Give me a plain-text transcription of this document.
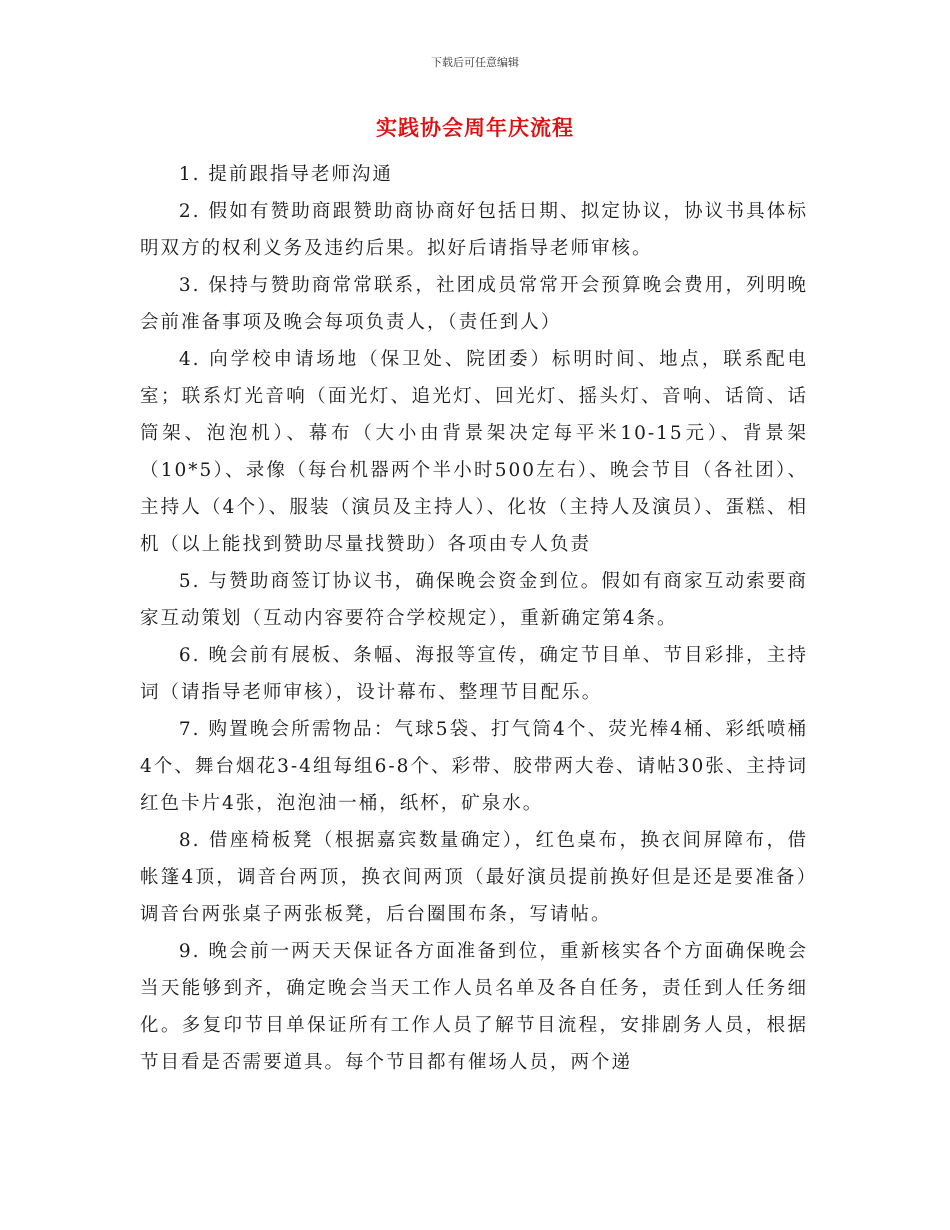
下载后可任意编辑
实践协会周年庆流程

1. 提前跟指导老师沟通

2. 假如有赞助商跟赞助商协商好包括日期、拟定协议，协议书具体标明双方的权利义务及违约后果。拟好后请指导老师审核。

3. 保持与赞助商常常联系，社团成员常常开会预算晚会费用，列明晚会前准备事项及晚会每项负责人，（责任到人）

4. 向学校申请场地（保卫处、院团委）标明时间、地点，联系配电室；联系灯光音响（面光灯、追光灯、回光灯、摇头灯、音响、话筒、话筒架、泡泡机）、幕布（大小由背景架决定每平米10-15元）、背景架（10*5）、录像（每台机器两个半小时500左右）、晚会节目（各社团）、主持人（4个）、服装（演员及主持人）、化妆（主持人及演员）、蛋糕、相机（以上能找到赞助尽量找赞助）各项由专人负责

5. 与赞助商签订协议书，确保晚会资金到位。假如有商家互动索要商家互动策划（互动内容要符合学校规定），重新确定第4条。

6. 晚会前有展板、条幅、海报等宣传，确定节目单、节目彩排，主持词（请指导老师审核），设计幕布、整理节目配乐。

7. 购置晚会所需物品：气球5袋、打气筒4个、荧光棒4桶、彩纸喷桶4个、舞台烟花3-4组每组6-8个、彩带、胶带两大卷、请帖30张、主持词红色卡片4张，泡泡油一桶，纸杯，矿泉水。

8. 借座椅板凳（根据嘉宾数量确定），红色桌布，换衣间屏障布，借帐篷4顶，调音台两顶，换衣间两顶（最好演员提前换好但是还是要准备）调音台两张桌子两张板凳，后台圈围布条，写请帖。

9. 晚会前一两天天保证各方面准备到位，重新核实各个方面确保晚会当天能够到齐，确定晚会当天工作人员名单及各自任务，责任到人任务细化。多复印节目单保证所有工作人员了解节目流程，安排剧务人员，根据节目看是否需要道具。每个节目都有催场人员，两个递
